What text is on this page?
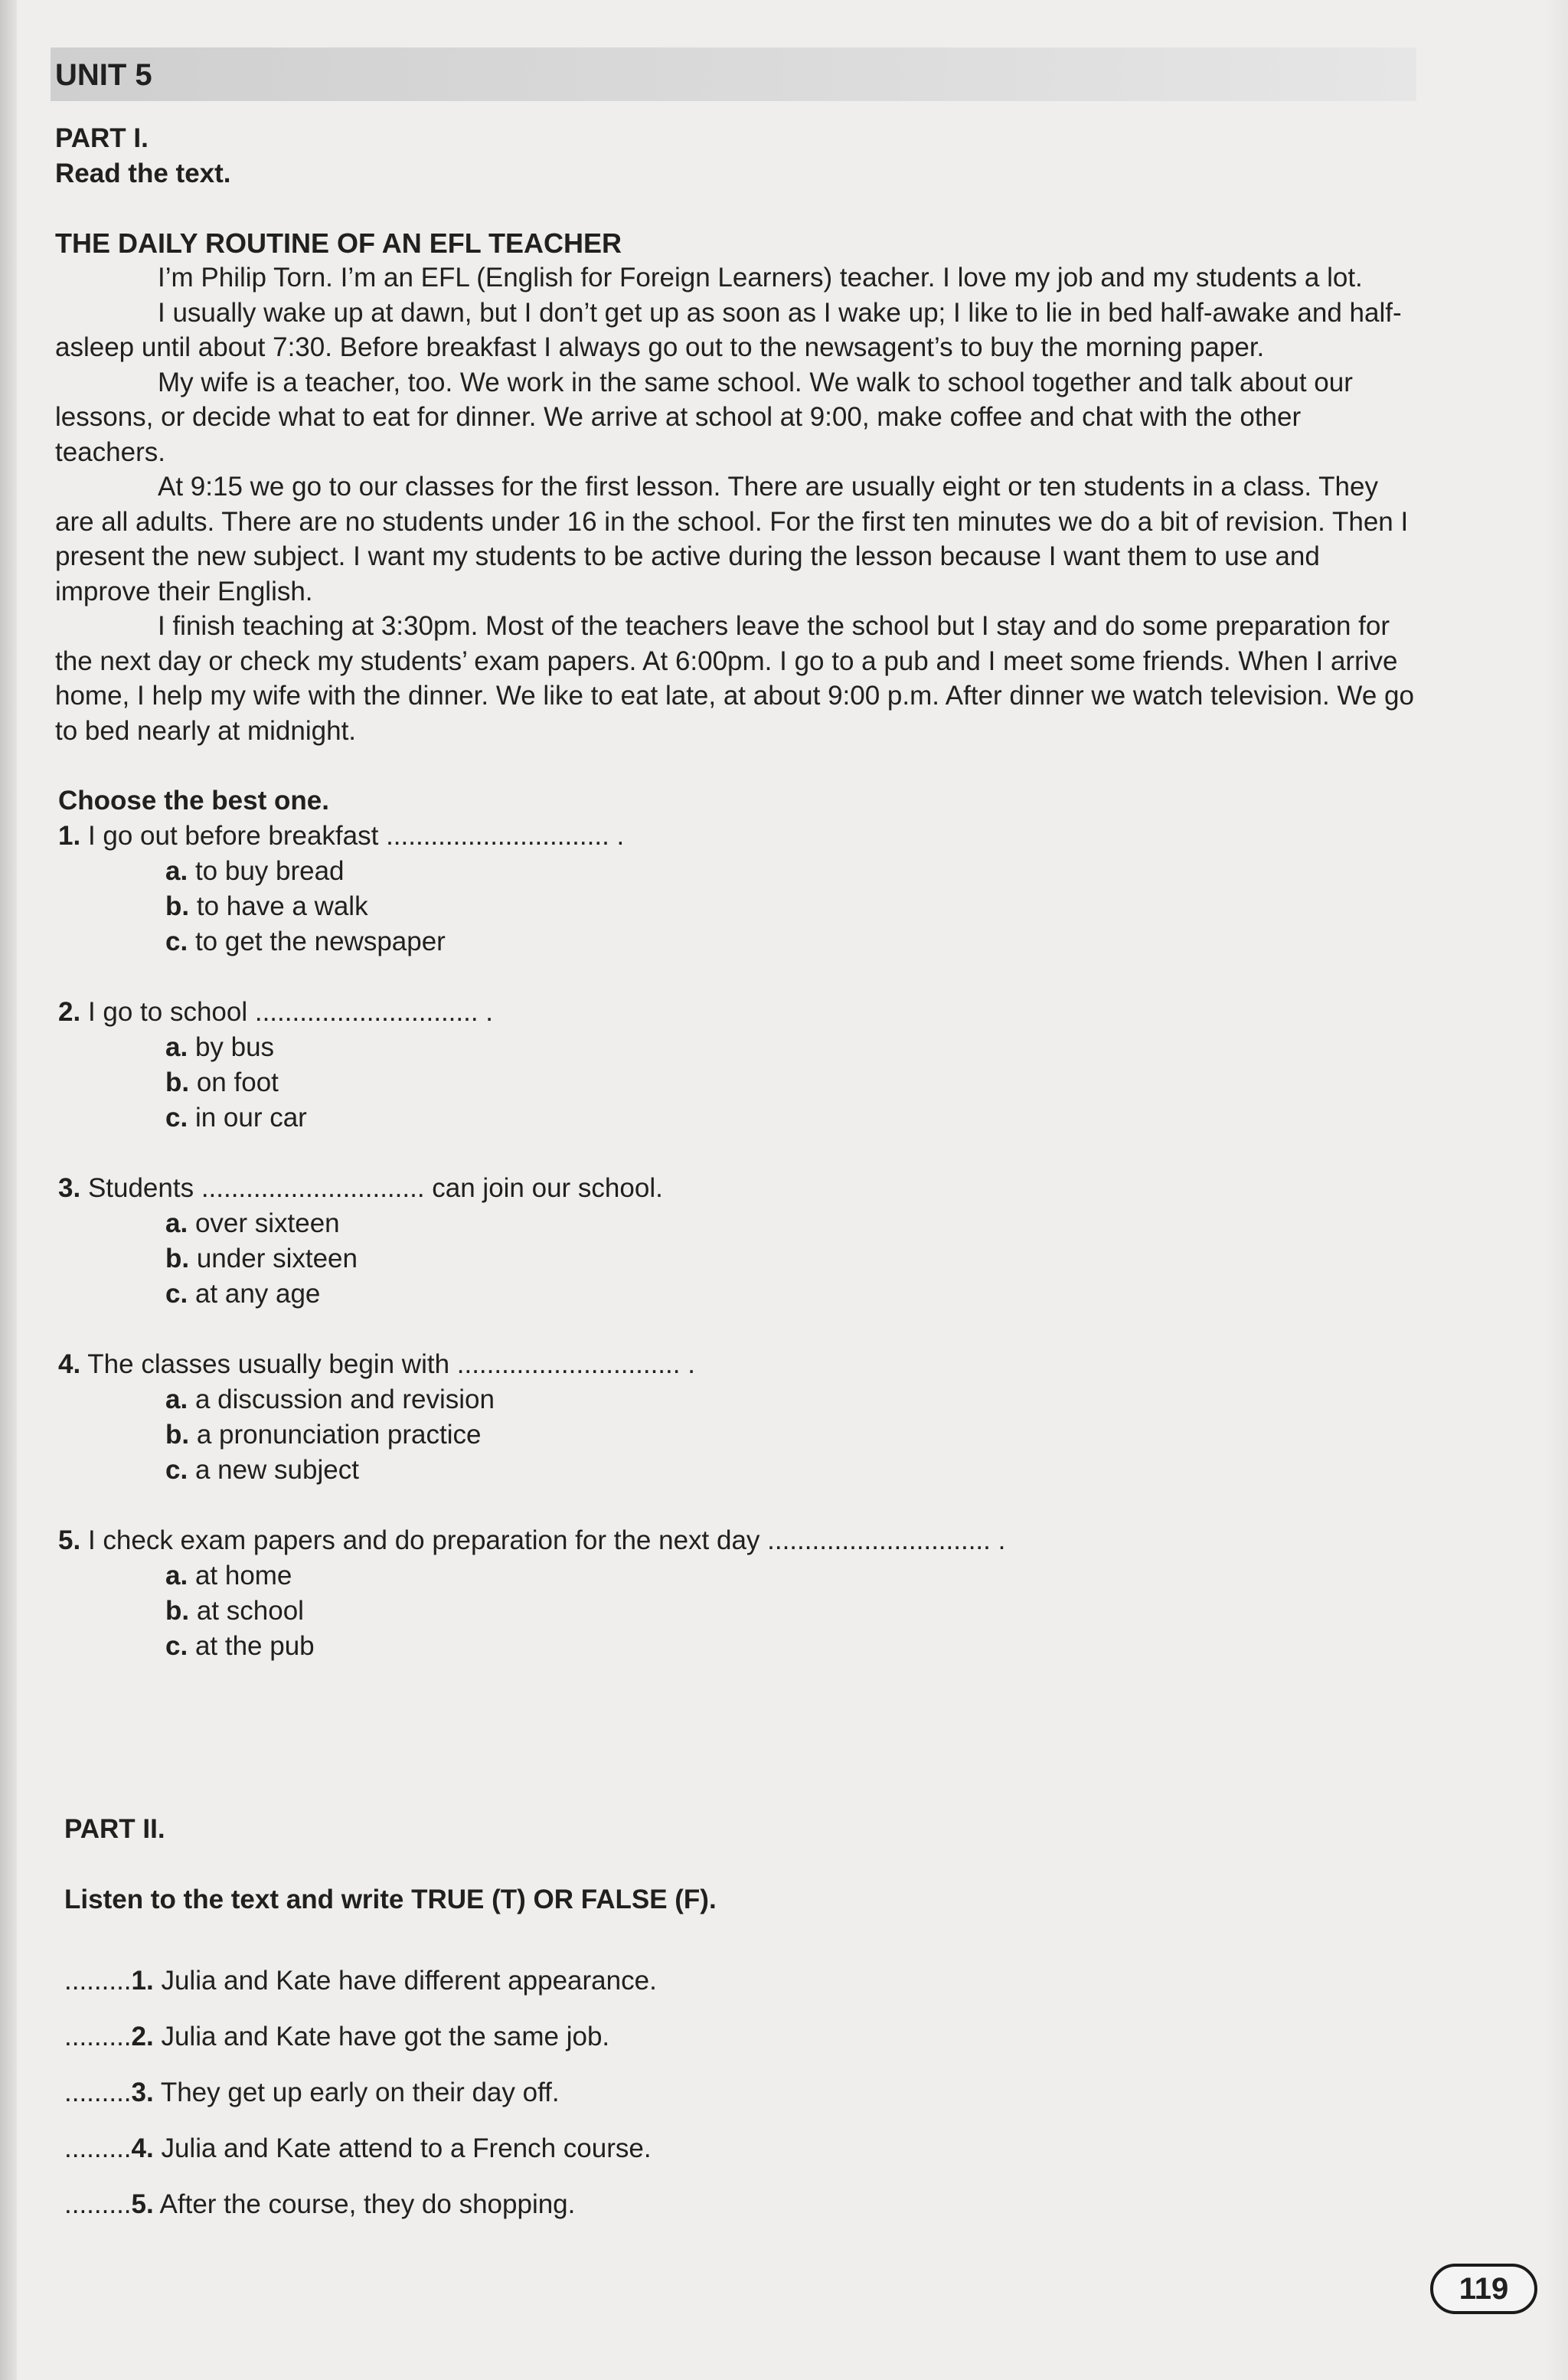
UNIT 5

PART I.

Read the text.

THE DAILY ROUTINE OF AN EFL TEACHER

I’m Philip Torn. I’m an EFL (English for Foreign Learners) teacher. I love my job and my students a lot.

I usually wake up at dawn, but I don’t get up as soon as I wake up; I like to lie in bed half-awake and half-asleep until about 7:30. Before breakfast I always go out to the newsagent’s to buy the morning paper.

My wife is a teacher, too. We work in the same school. We walk to school together and talk about our lessons, or decide what to eat for dinner. We arrive at school at 9:00, make coffee and chat with the other teachers.

At 9:15 we go to our classes for the first lesson. There are usually eight or ten students in a class. They are all adults. There are no students under 16 in the school. For the first ten minutes we do a bit of revision. Then I present the new subject. I want my students to be active during the lesson because I want them to use and improve their English.

I finish teaching at 3:30pm. Most of the teachers leave the school but I stay and do some preparation for the next day or check my students’ exam papers. At 6:00pm. I go to a pub and I meet some friends. When I arrive home, I help my wife with the dinner. We like to eat late, at about 9:00 p.m. After dinner we watch television. We go to bed nearly at midnight.

Choose the best one.

1. I go out before breakfast .............................. .

a. to buy bread
b. to have a walk
c. to get the newspaper

2. I go to school .............................. .

a. by bus
b. on foot
c. in our car

3. Students .............................. can join our school.

a. over sixteen
b. under sixteen
c. at any age

4. The classes usually begin with .............................. .

a. a discussion and revision
b. a pronunciation practice
c. a new subject

5. I check exam papers and do preparation for the next day .............................. .

a. at home
b. at school
c. at the pub

PART II.

Listen to the text and write TRUE (T) OR FALSE (F).

.........1. Julia and Kate have different appearance.
.........2. Julia and Kate have got the same job.
.........3. They get up early on their day off.
.........4. Julia and Kate attend to a French course.
.........5. After the course, they do shopping.
119
